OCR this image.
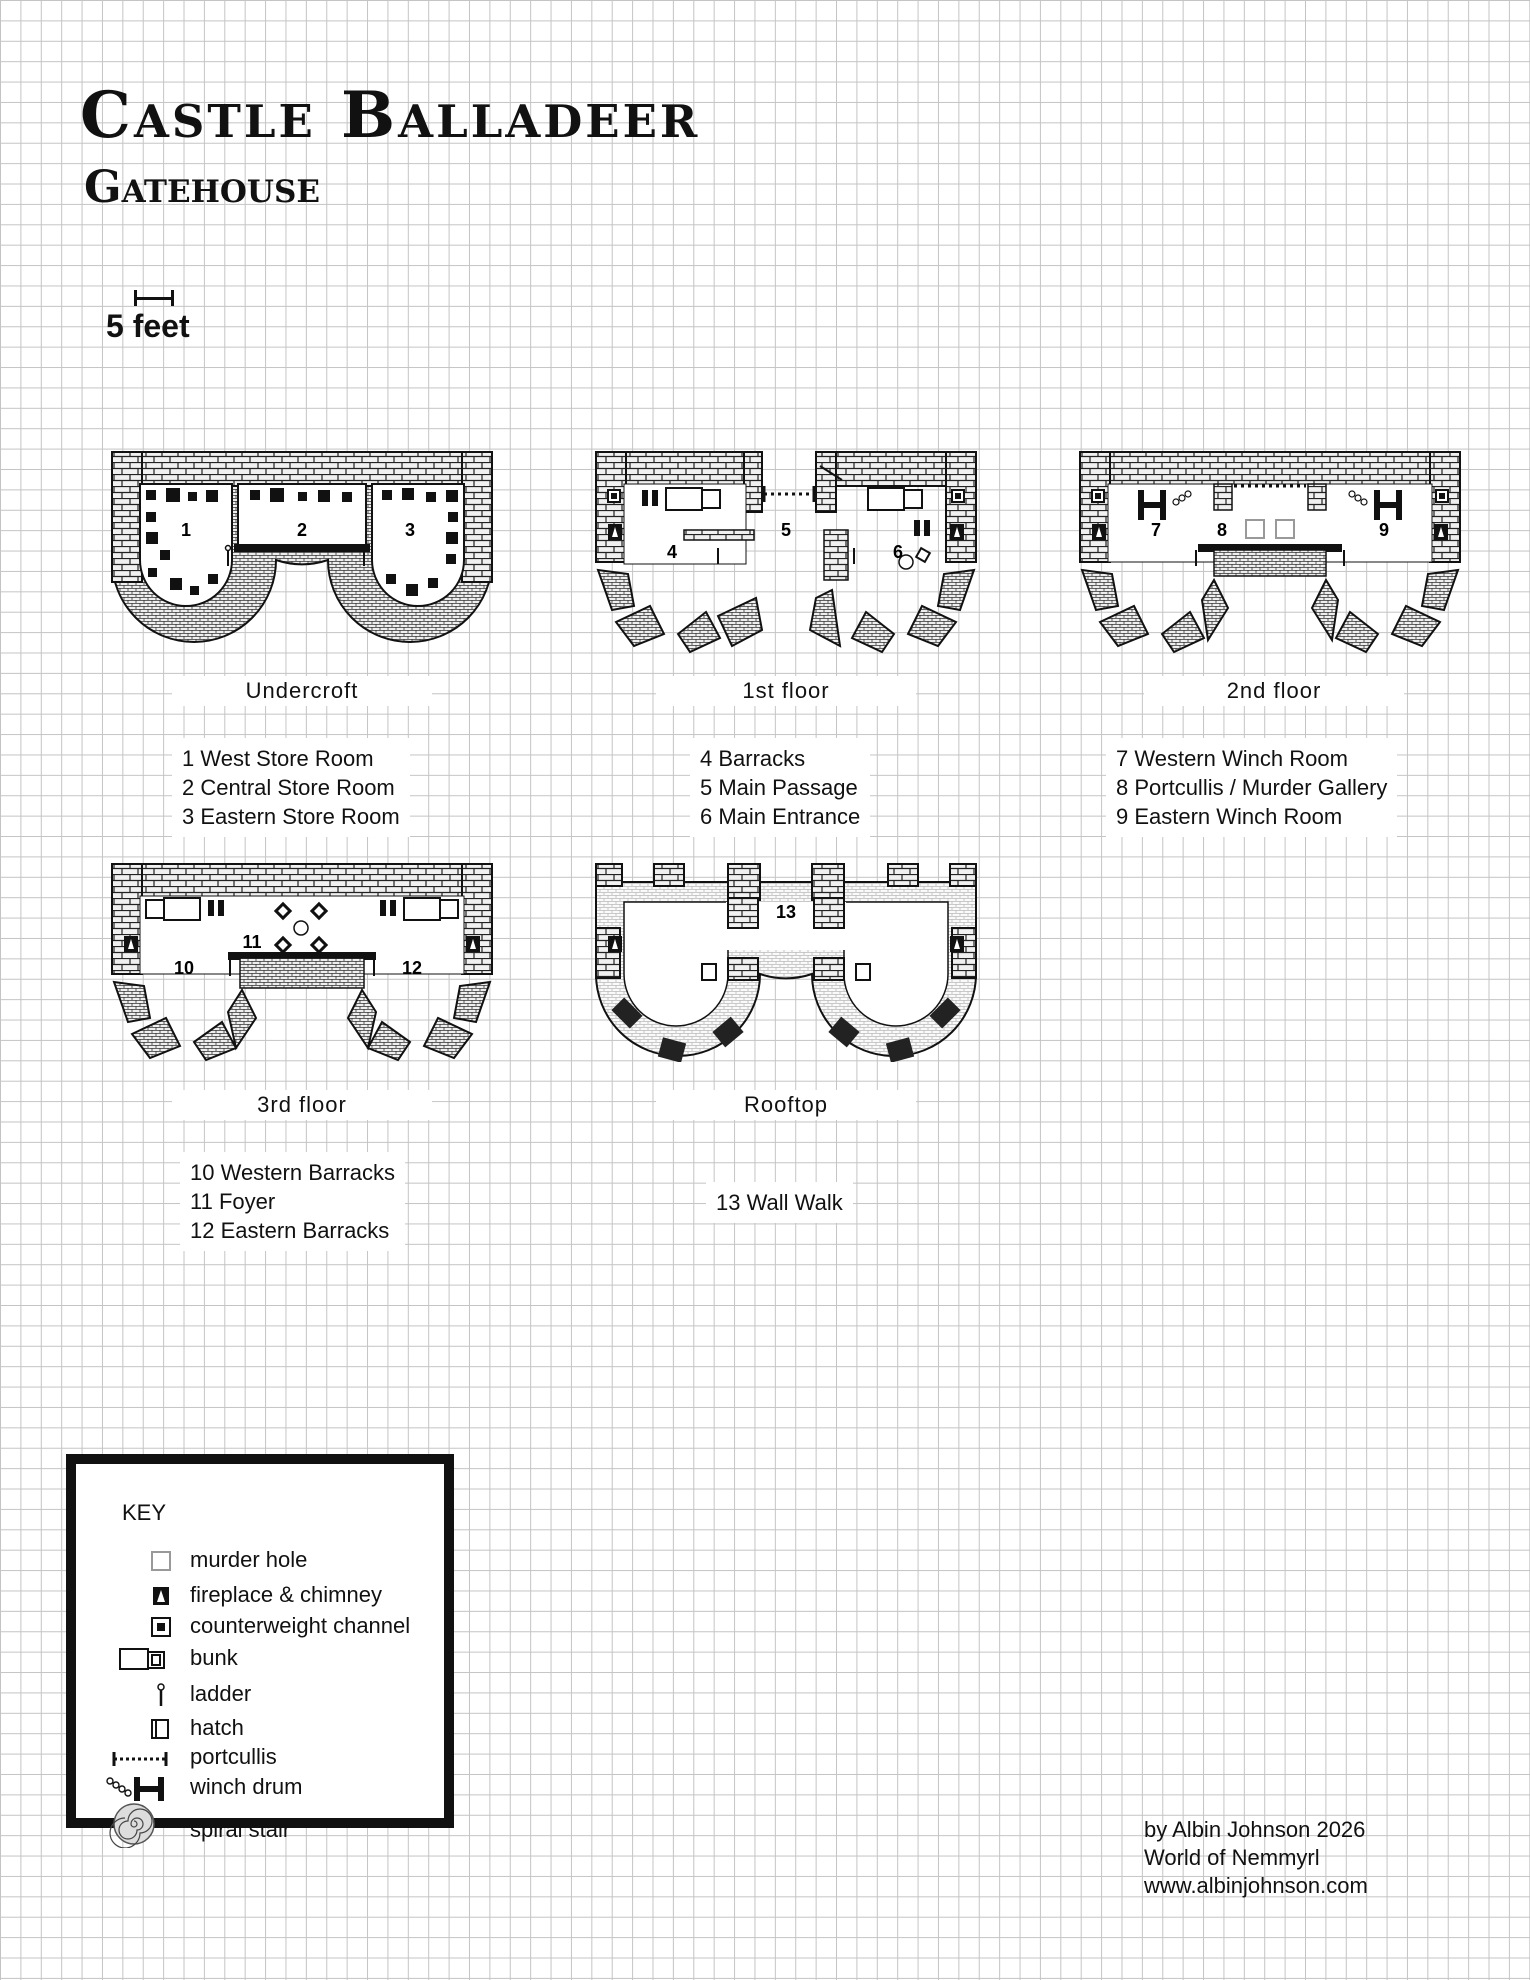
Castle Balladeer
Gatehouse
5 feet
1	2	3
Undercroft
1 West Store Room
2 Central Store Room
3 Eastern Store Room
4
5
6
1st floor
4 Barracks
5 Main Passage
6 Main Entrance
7	8	9
2nd floor
7 Western Winch Room
8 Portcullis / Murder Gallery
9 Eastern Winch Room
10
11
12
3rd floor
10 Western Barracks
11 Foyer
12 Eastern Barracks
13
Rooftop
13 Wall Walk
KEY
murder hole
fireplace & chimney
counterweight channel
bunk
ladder
hatch
portcullis
winch drum
spiral stair	by Albin Johnson 2026
World of Nemmyrl
www.albinjohnson.com
